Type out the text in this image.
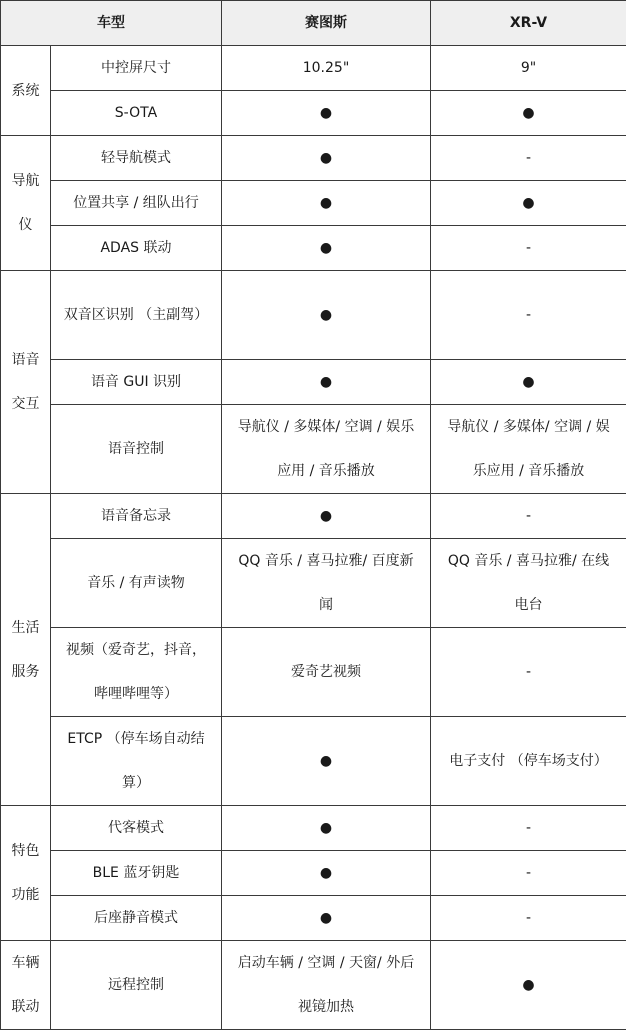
车型		赛图斯	XR-V
系统	中控屏尺寸	10.25"	9"
	S-OTA	●	●
导航仪	轻导航模式	●	-
	位置共享 / 组队出行	●	●
	ADAS 联动	●	-
语音交互	双音区识别 （主副驾）	●	-
	语音 GUI 识别	●	●
	语音控制	导航仪 / 多媒体/ 空调 / 娱乐应用 / 音乐播放	导航仪 / 多媒体/ 空调 / 娱乐应用 / 音乐播放
生活服务	语音备忘录	●	-
	音乐 / 有声读物	QQ 音乐 / 喜马拉雅/ 百度新闻	QQ 音乐 / 喜马拉雅/ 在线电台
	视频（爱奇艺，抖音，哔哩哔哩等）	爱奇艺视频	-
	ETCP （停车场自动结算）	●	电子支付 （停车场支付）
特色功能	代客模式	●	-
	BLE 蓝牙钥匙	●	-
	后座静音模式	●	-
车辆联动	远程控制	启动车辆 / 空调 / 天窗/ 外后视镜加热	●
